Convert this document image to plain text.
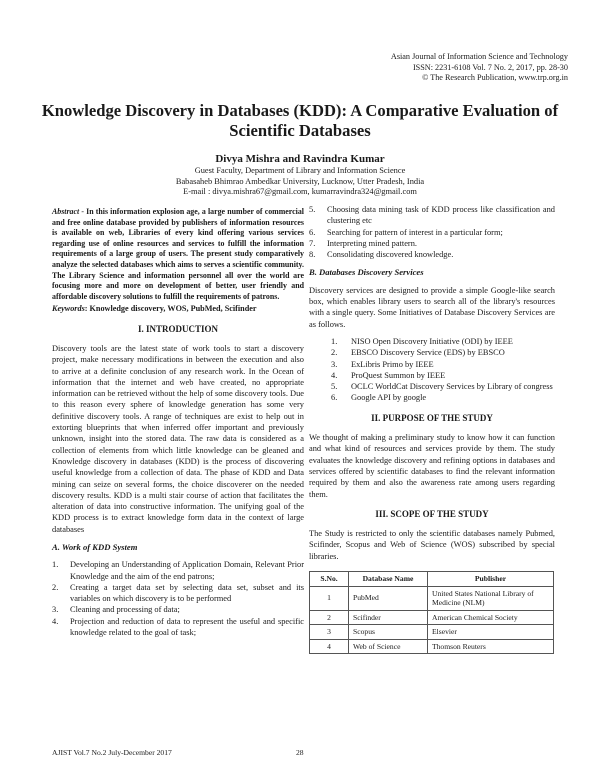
Asian Journal of Information Science and Technology
ISSN: 2231-6108 Vol. 7 No. 2, 2017, pp. 28-30
© The Research Publication, www.trp.org.in
Knowledge Discovery in Databases (KDD): A Comparative Evaluation of Scientific Databases
Divya Mishra and Ravindra Kumar
Guest Faculty, Department of Library and Information Science
Babasaheb Bhimrao Ambedkar University, Lucknow, Utter Pradesh, India
E-mail : divya.mishra67@gmail.com, kumarravindra324@gmail.com

Abstract - In this information explosion age, a large number of commercial and free online database provided by publishers of information resources is available on web, Libraries of every kind offering various services regarding use of online resources and services to fulfill the information requirements of a large group of users. The present study comparatively analyze the selected databases which aims to serves a scientific community. The Library Science and information personnel all over the world are focusing more and more on development of better, user friendly and affordable discovery solutions to fulfill the requirements of patrons.

Keywords: Knowledge discovery, WOS, PubMed, Scifinder

I. INTRODUCTION

Discovery tools are the latest state of work tools to start a discovery project, make necessary modifications in between the execution and also to arrive at a definite conclusion of any research work. In the Ocean of information that the internet and web have created, no appropriate information can be retrieved without the help of some discovery tools. Due to this reason every sphere of knowledge generation has some very definitive discovery tools. A range of techniques are exist to help out in extorting blueprints that when inferred offer important and previously unknown, insight into the stored data. The raw data is considered as a collection of elements from which little knowledge can be gleaned and Knowledge discovery in databases (KDD) is the process of discovering useful knowledge from a collection of data. The phase of KDD and Data mining can seize on several forms, the choice discoverer on the needed discovery results. KDD is a multi stair course of action that facilitates the alteration of data into constructive information. The unifying goal of the KDD process is to extract knowledge form data in the context of large databases

A. Work of KDD System
1.	Developing an Understanding of Application Domain, Relevant Prior Knowledge and the aim of the end patrons;
2.	Creating a target data set by selecting data set, subset and its variables on which discovery is to be performed
3.	Cleaning and processing of data;
4.	Projection and reduction of data to represent the useful and specific knowledge related to the goal of task;
5.	Choosing data mining task of KDD process like classification and clustering etc
6.	Searching for pattern of interest in a particular form;
7.	Interpreting mined pattern.
8.	Consolidating discovered knowledge.
B. Databases Discovery Services

Discovery services are designed to provide a simple Google-like search box, which enables library users to search all of the library's resources with a single query. Some Initiatives of Database Discovery Services are as follows.

1.	NISO Open Discovery Initiative (ODI) by IEEE
2.	EBSCO Discovery Service (EDS) by EBSCO
3.	ExLibris Primo by IEEE
4.	ProQuest Summon by IEEE
5.	OCLC WorldCat Discovery Services by Library of congress
6.	Google API by google
II. PURPOSE OF THE STUDY

We thought of making a preliminary study to know how it can function and what kind of resources and services provide by them. The study evaluates the knowledge discovery and refining options in databases and services offered by scientific databases to find the relevant information required by them and also the awareness rate among users regarding them.

III. SCOPE OF THE STUDY

The Study is restricted to only the scientific databases namely Pubmed, Scifinder, Scopus and Web of Science (WOS) subscribed by special libraries.

S.No.	Database Name	Publisher
1	PubMed	United States National Library of Medicine (NLM)
2	Scifinder	American Chemical Society
3	Scopus	Elsevier
4	Web of Science	Thomson Reuters
AJIST Vol.7 No.2 July-December 2017	28
